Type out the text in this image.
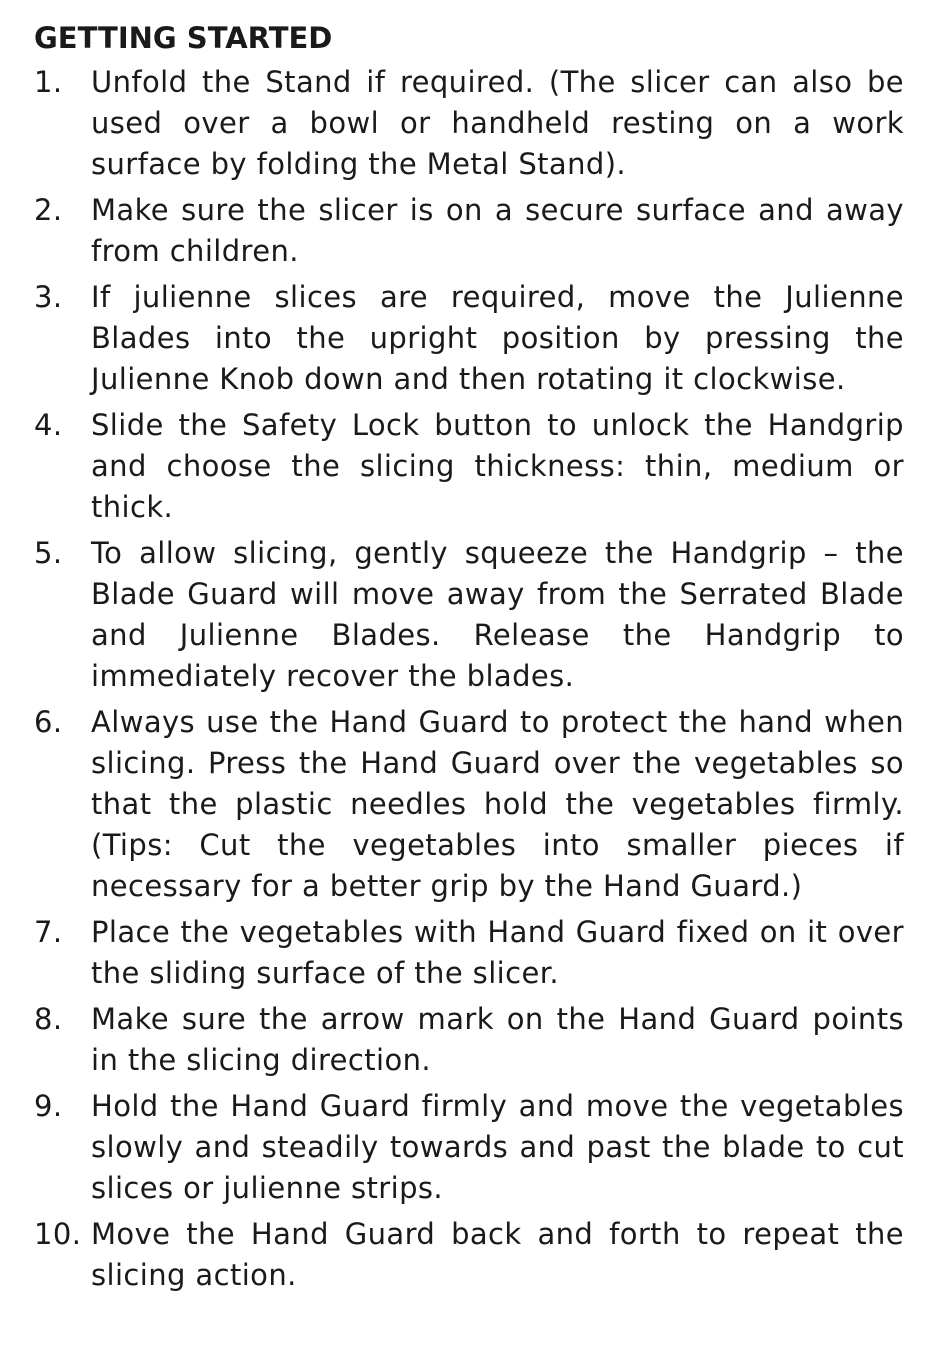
GETTING STARTED
1. Unfold the Stand if required. (The slicer can also be used over a bowl or handheld resting on a work surface by folding the Metal Stand).
2. Make sure the slicer is on a secure surface and away from children.
3. If julienne slices are required, move the Julienne Blades into the upright position by pressing the Julienne Knob down and then rotating it clockwise.
4. Slide the Safety Lock button to unlock the Handgrip and choose the slicing thickness: thin, medium or thick.
5. To allow slicing, gently squeeze the Handgrip – the Blade Guard will move away from the Serrated Blade and Julienne Blades. Release the Handgrip to immediately recover the blades.
6. Always use the Hand Guard to protect the hand when slicing. Press the Hand Guard over the vegetables so that the plastic needles hold the vegetables firmly. (Tips: Cut the vegetables into smaller pieces if necessary for a better grip by the Hand Guard.)
7. Place the vegetables with Hand Guard fixed on it over the sliding surface of the slicer.
8. Make sure the arrow mark on the Hand Guard points in the slicing direction.
9. Hold the Hand Guard firmly and move the vegetables slowly and steadily towards and past the blade to cut slices or julienne strips.
10. Move the Hand Guard back and forth to repeat the slicing action.
